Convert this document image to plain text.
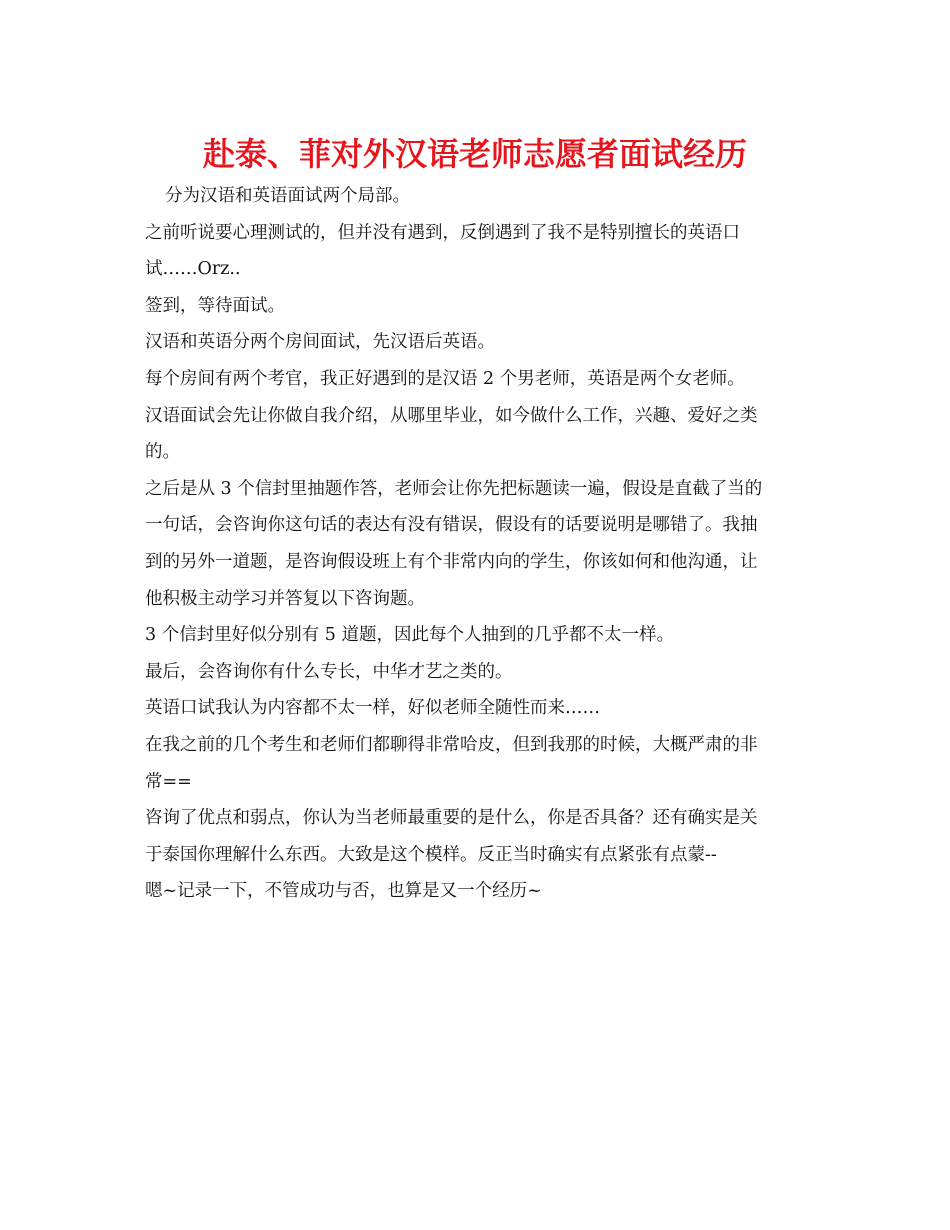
赴泰、菲对外汉语老师志愿者面试经历
分为汉语和英语面试两个局部。
之前听说要心理测试的，但并没有遇到，反倒遇到了我不是特别擅长的英语口
试……Orz..
签到，等待面试。
汉语和英语分两个房间面试，先汉语后英语。
每个房间有两个考官，我正好遇到的是汉语 2 个男老师，英语是两个女老师。
汉语面试会先让你做自我介绍，从哪里毕业，如今做什么工作，兴趣、爱好之类
的。
之后是从 3 个信封里抽题作答，老师会让你先把标题读一遍，假设是直截了当的
一句话，会咨询你这句话的表达有没有错误，假设有的话要说明是哪错了。我抽
到的另外一道题，是咨询假设班上有个非常内向的学生，你该如何和他沟通，让
他积极主动学习并答复以下咨询题。
3 个信封里好似分别有 5 道题，因此每个人抽到的几乎都不太一样。
最后，会咨询你有什么专长，中华才艺之类的。
英语口试我认为内容都不太一样，好似老师全随性而来……
在我之前的几个考生和老师们都聊得非常哈皮，但到我那的时候，大概严肃的非
常==
咨询了优点和弱点，你认为当老师最重要的是什么，你是否具备？还有确实是关
于泰国你理解什么东西。大致是这个模样。反正当时确实有点紧张有点蒙--
嗯~记录一下，不管成功与否，也算是又一个经历~
